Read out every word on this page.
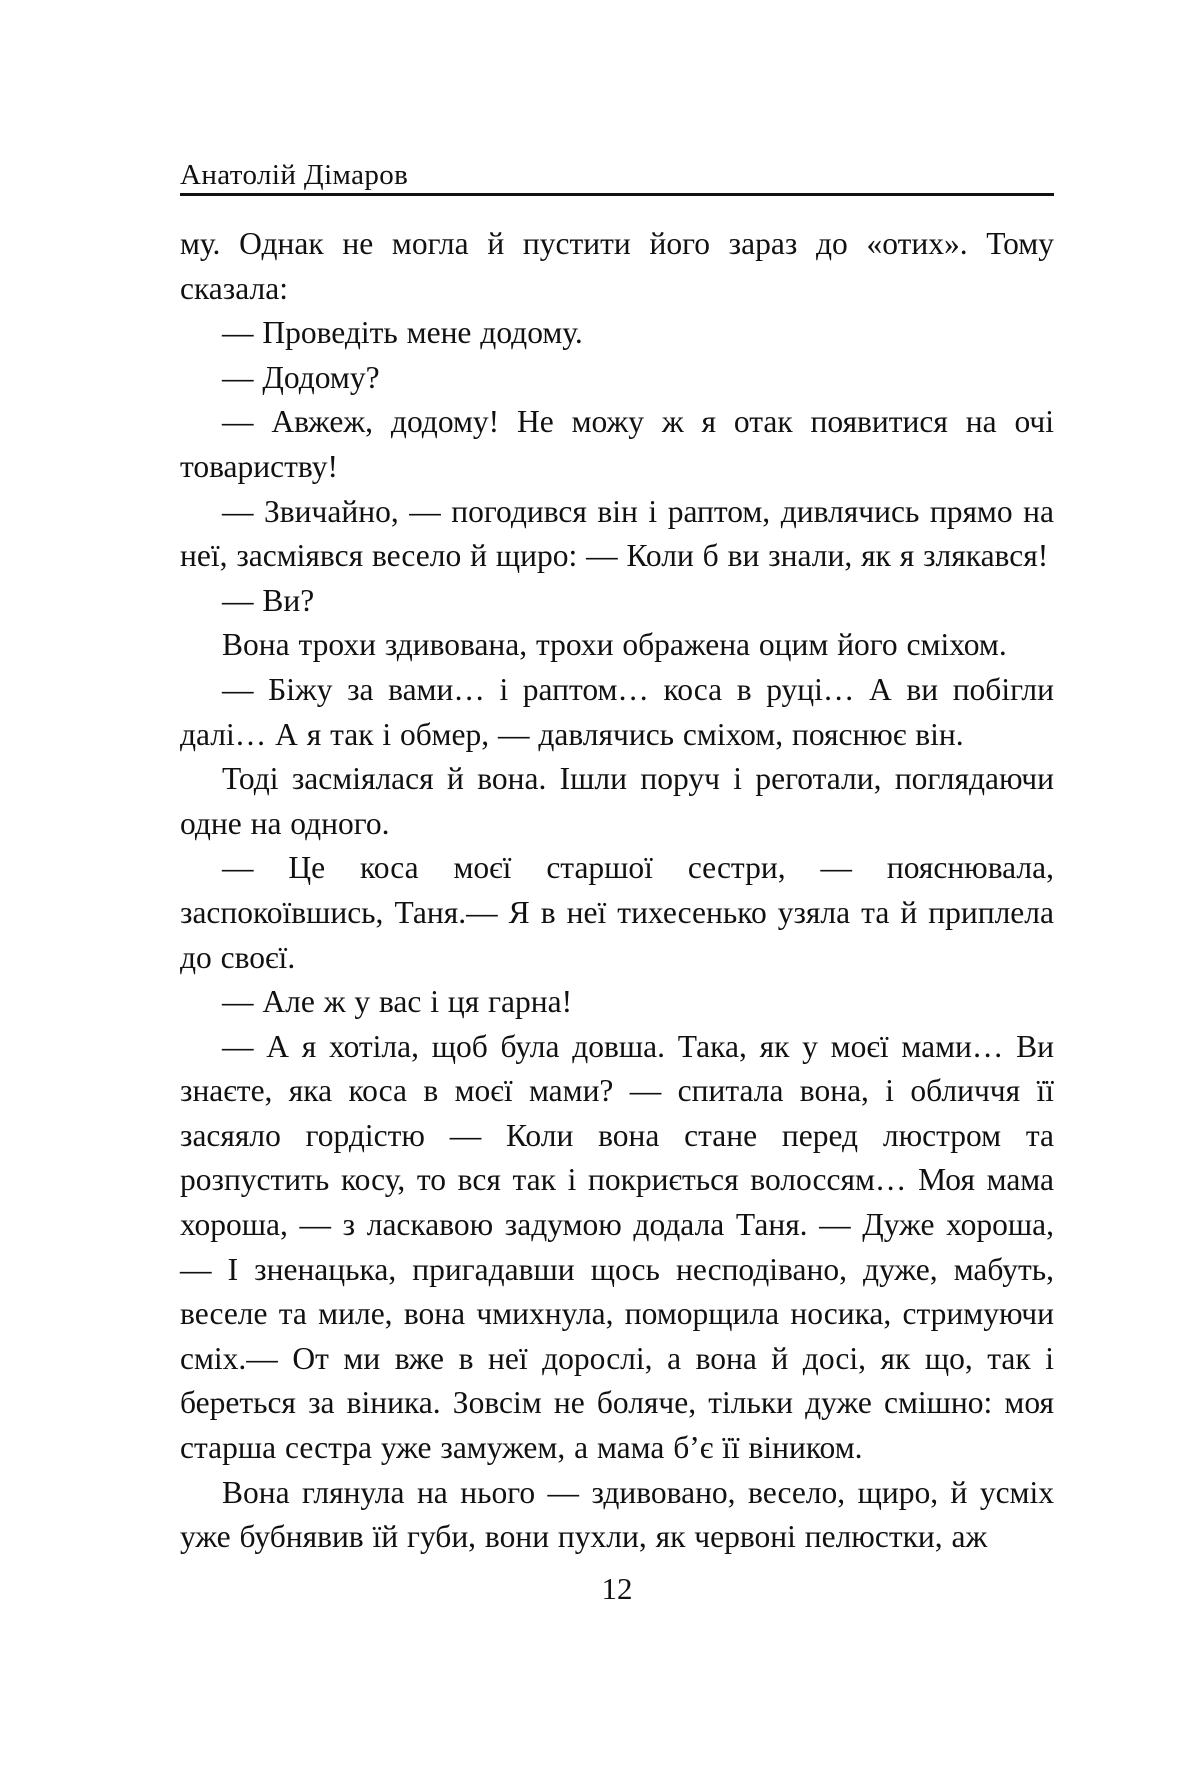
Анатолій Дімаров

му. Однак не могла й пустити його зараз до «отих». Тому сказала:

— Проведіть мене додому.

— Додому?

— Авжеж, додому! Не можу ж я отак появитися на очі товариству!

— Звичайно, — погодився він і раптом, дивлячись прямо на неї, засміявся весело й щиро: — Коли б ви знали, як я злякався!

— Ви?

Вона трохи здивована, трохи ображена оцим його сміхом.

— Біжу за вами… і раптом… коса в руці… А ви побігли далі… А я так і обмер, — давлячись сміхом, пояснює він.

Тоді засміялася й вона. Ішли поруч і реготали, поглядаючи одне на одного.

— Це коса моєї старшої сестри, — пояснювала, заспокоївшись, Таня.— Я в неї тихесенько узяла та й приплела до своєї.

— Але ж у вас і ця гарна!

— А я хотіла, щоб була довша. Така, як у моєї мами… Ви знаєте, яка коса в моєї мами? — спитала вона, і обличчя її засяяло гордістю — Коли вона стане перед люстром та розпустить косу, то вся так і покриється волоссям… Моя мама хороша, — з ласкавою задумою додала Таня. — Дуже хороша, — І зненацька, пригадавши щось несподівано, дуже, мабуть, веселе та миле, вона чмихнула, поморщила носика, стримуючи сміх.— От ми вже в неї дорослі, а вона й досі, як що, так і береться за віника. Зовсім не боляче, тільки дуже смішно: моя старша сестра уже замужем, а мама б’є її віником.

Вона глянула на нього — здивовано, весело, щиро, й усміх уже бубнявив їй губи, вони пухли, як червоні пелюстки, аж

12
